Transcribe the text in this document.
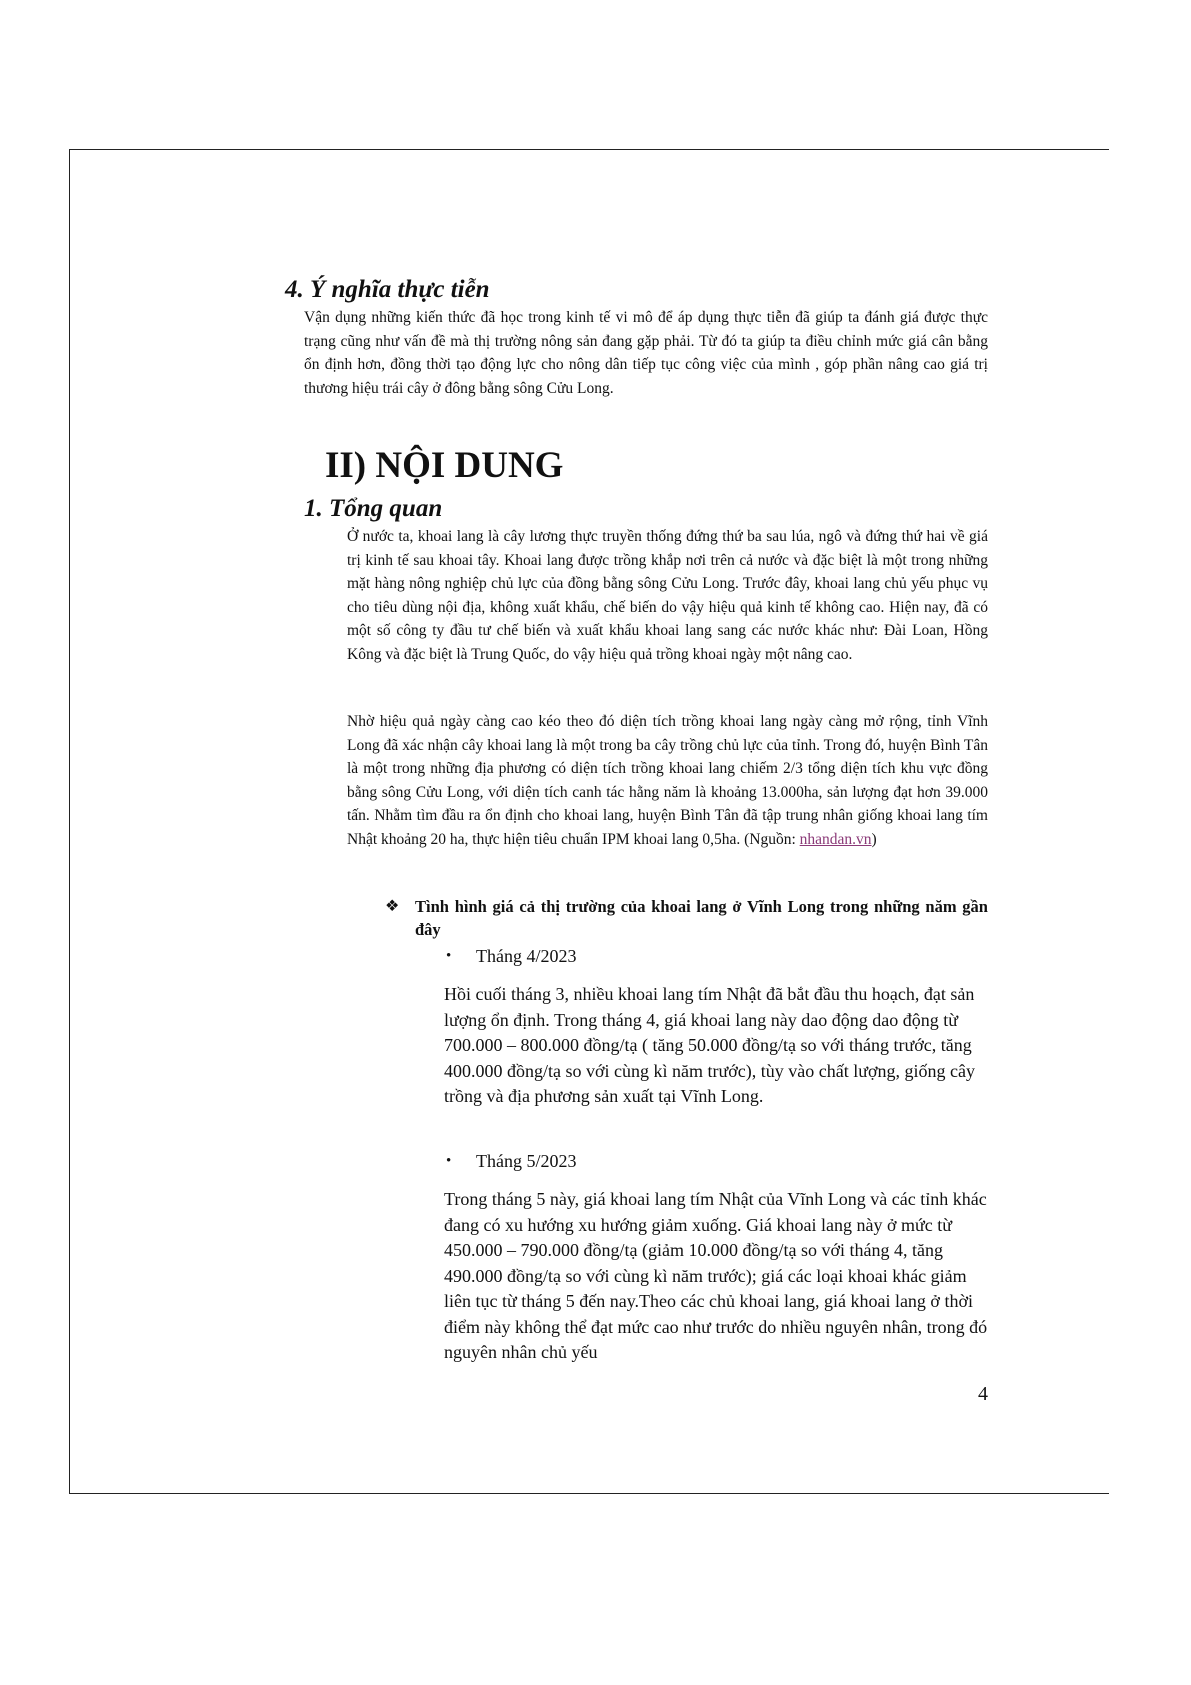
4. Ý nghĩa thực tiễn

Vận dụng những kiến thức đã học trong kinh tế vi mô để áp dụng thực tiễn đã giúp ta đánh giá được thực trạng cũng như vấn đề mà thị trường nông sản đang gặp phải. Từ đó ta giúp ta điều chỉnh mức giá cân bằng ổn định hơn, đồng thời tạo động lực cho nông dân tiếp tục công việc của mình , góp phần nâng cao giá trị thương hiệu trái cây ở đông bằng sông Cửu Long.

II) NỘI DUNG
1. Tổng quan

Ở nước ta, khoai lang là cây lương thực truyền thống đứng thứ ba sau lúa, ngô và đứng thứ hai về giá trị kinh tế sau khoai tây. Khoai lang được trồng khắp nơi trên cả nước và đặc biệt là một trong những mặt hàng nông nghiệp chủ lực của đồng bằng sông Cửu Long. Trước đây, khoai lang chủ yếu phục vụ cho tiêu dùng nội địa, không xuất khẩu, chế biến do vậy hiệu quả kinh tế không cao. Hiện nay, đã có một số công ty đầu tư chế biến và xuất khẩu khoai lang sang các nước khác như: Đài Loan, Hồng Kông và đặc biệt là Trung Quốc, do vậy hiệu quả trồng khoai ngày một nâng cao.

Nhờ hiệu quả ngày càng cao kéo theo đó diện tích trồng khoai lang ngày càng mở rộng, tỉnh Vĩnh Long đã xác nhận cây khoai lang là một trong ba cây trồng chủ lực của tỉnh. Trong đó, huyện Bình Tân là một trong những địa phương có diện tích trồng khoai lang chiếm 2/3 tổng diện tích khu vực đồng bằng sông Cửu Long, với diện tích canh tác hằng năm là khoảng 13.000ha, sản lượng đạt hơn 39.000 tấn. Nhằm tìm đầu ra ổn định cho khoai lang, huyện Bình Tân đã tập trung nhân giống khoai lang tím Nhật khoảng 20 ha, thực hiện tiêu chuẩn IPM khoai lang 0,5ha. (Nguồn: nhandan.vn)

❖ Tình hình giá cả thị trường của khoai lang ở Vĩnh Long trong những năm gần đây

•	Tháng 4/2023

Hồi cuối tháng 3, nhiều khoai lang tím Nhật đã bắt đầu thu hoạch, đạt sản lượng ổn định. Trong tháng 4, giá khoai lang này dao động dao động từ 700.000 – 800.000 đồng/tạ ( tăng 50.000 đồng/tạ so với tháng trước, tăng 400.000 đồng/tạ so với cùng kì năm trước), tùy vào chất lượng, giống cây trồng và địa phương sản xuất tại Vĩnh Long.

•	Tháng 5/2023

Trong tháng 5 này, giá khoai lang tím Nhật của Vĩnh Long và các tỉnh khác đang có xu hướng xu hướng giảm xuống. Giá khoai lang này ở mức từ 450.000 – 790.000 đồng/tạ (giảm 10.000 đồng/tạ so với tháng 4, tăng 490.000 đồng/tạ so với cùng kì năm trước); giá các loại khoai khác giảm liên tục từ tháng 5 đến nay.Theo các chủ khoai lang, giá khoai lang ở thời điểm này không thể đạt mức cao như trước do nhiều nguyên nhân, trong đó nguyên nhân chủ yếu

4
